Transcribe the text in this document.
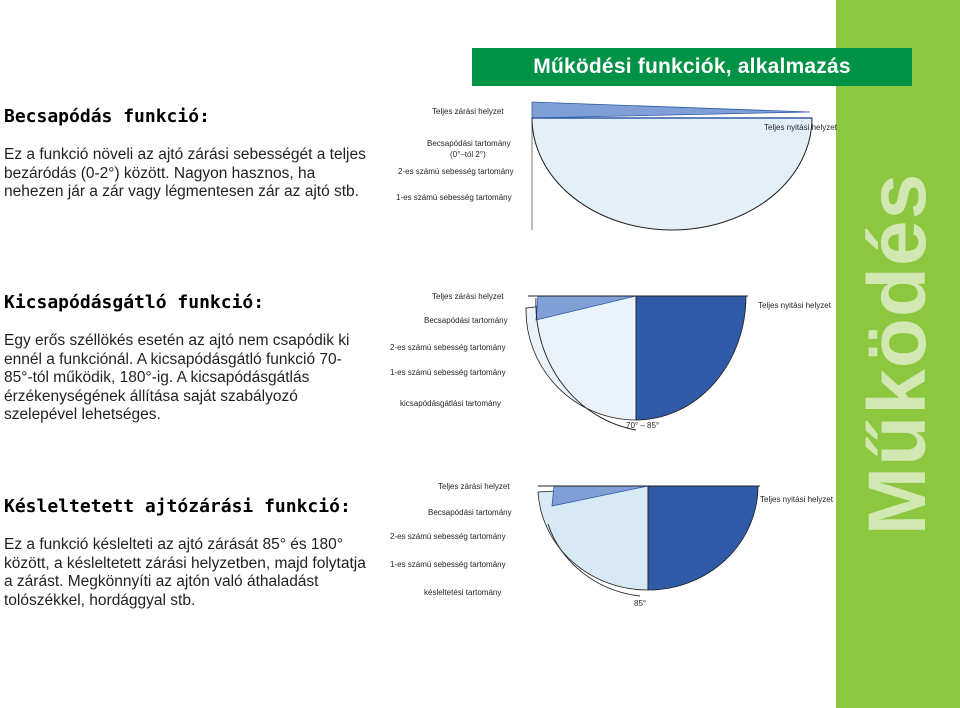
Működés
Működési funkciók, alkalmazás
Becsapódás funkció:
Ez a funkció növeli az ajtó zárási sebességét a teljes bezáródás (0-2°) között. Nagyon hasznos, ha nehezen jár a zár vagy légmentesen zár az ajtó stb.
Kicsapódásgátló funkció:
Egy erős széllökés esetén az ajtó nem csapódik ki ennél a funkciónál. A kicsapódásgátló funkció 70-85°-tól működik, 180°-ig. A kicsapódásgátlás érzékenységének állítása saját szabályozó szelepével lehetséges.
Késleltetett ajtózárási funkció:
Ez a funkció késlelteti az ajtó zárását 85° és 180° között, a késleltetett zárási helyzetben, majd folytatja a zárást. Megkönnyíti az ajtón való áthaladást tolószékkel, hordággyal stb.
Teljes zárási helyzet
Becsapódási tartomány
(0°–tól 2°)
2-es számú sebesség tartomány
1-es számú sebesség tartomány
Teljes nyitási helyzet
Teljes zárási helyzet
Becsapódási tartomány
2-es számú sebesség tartomány
1-es számú sebesség tartomány
kicsapódásgátlási tartomány
Teljes nyitási helyzet
70° – 85°
Teljes zárási helyzet
Becsapódási tartomány
2-es számú sebesség tartomány
1-es számú sebesség tartomány
késleltetési tartomány
Teljes nyitási helyzet
85°
